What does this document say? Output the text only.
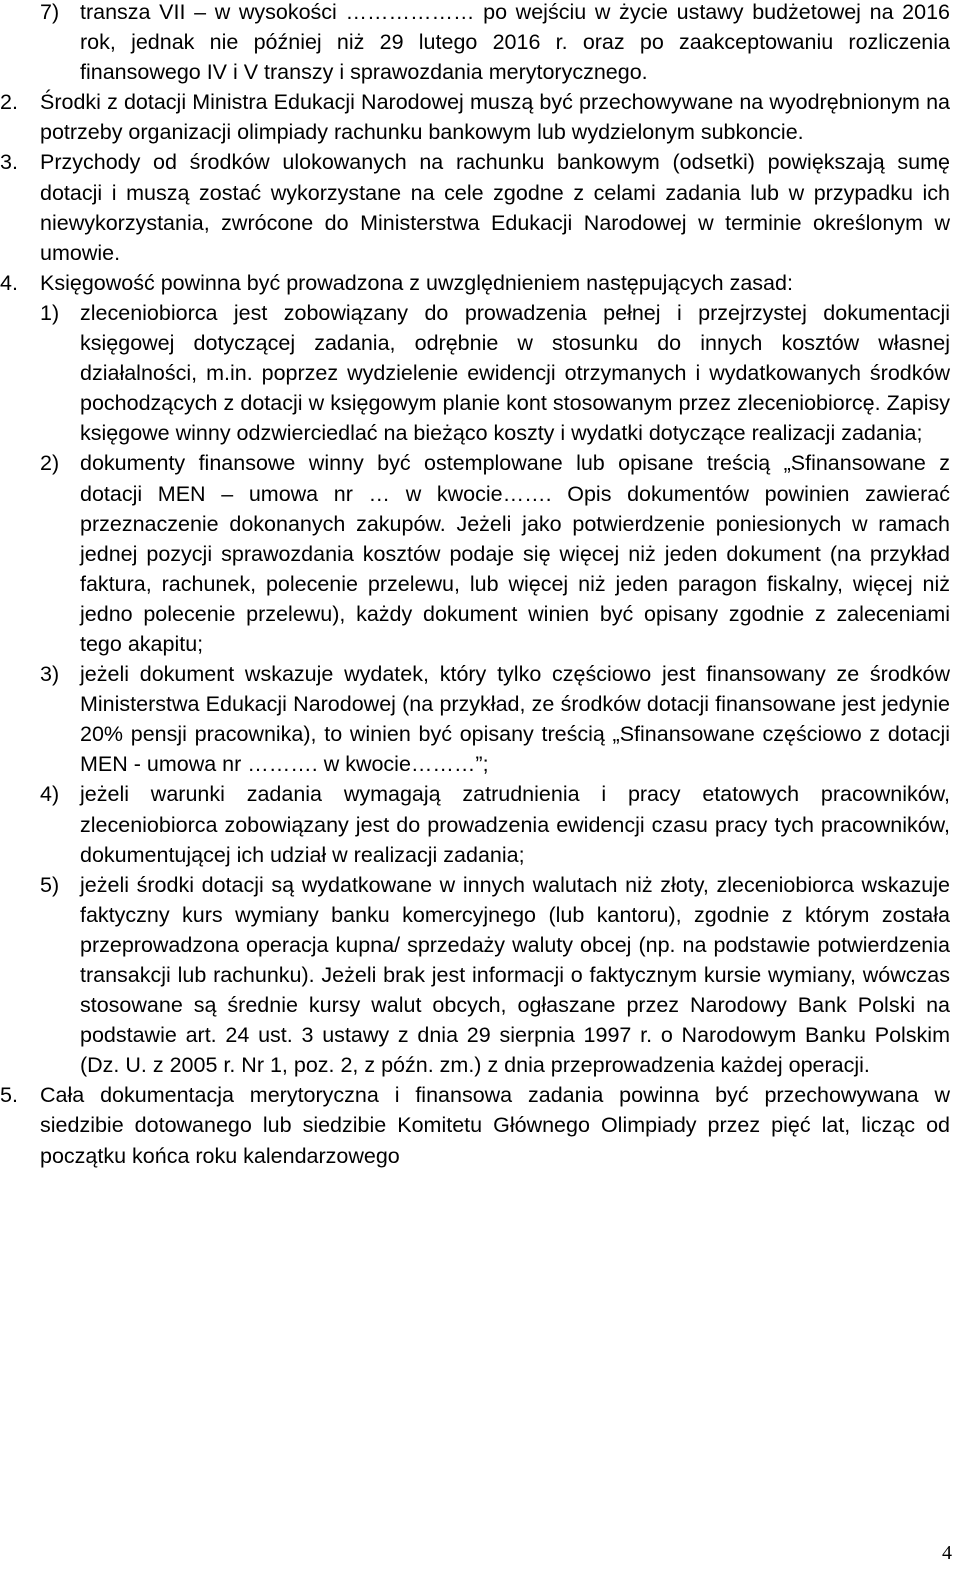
7) transza VII – w wysokości ……………… po wejściu w życie ustawy budżetowej na 2016 rok, jednak nie później niż 29 lutego 2016 r. oraz po zaakceptowaniu rozliczenia finansowego IV i V transzy i sprawozdania merytorycznego.
2.	Środki z dotacji Ministra Edukacji Narodowej muszą być przechowywane na wyodrębnionym na potrzeby organizacji olimpiady rachunku bankowym lub wydzielonym subkoncie.
3.	Przychody od środków ulokowanych na rachunku bankowym (odsetki) powiększają sumę dotacji i muszą zostać wykorzystane na cele zgodne z celami zadania lub w przypadku ich niewykorzystania, zwrócone do Ministerstwa Edukacji Narodowej w terminie określonym w umowie.
4.	Księgowość powinna być prowadzona z uwzględnieniem następujących zasad:
1) zleceniobiorca jest zobowiązany do prowadzenia pełnej i przejrzystej dokumentacji księgowej dotyczącej zadania, odrębnie w stosunku do innych kosztów własnej działalności, m.in. poprzez wydzielenie ewidencji otrzymanych i wydatkowanych środków pochodzących z dotacji w księgowym planie kont stosowanym przez zleceniobiorcę. Zapisy księgowe winny odzwierciedlać na bieżąco koszty i wydatki dotyczące realizacji zadania;
2) dokumenty finansowe winny być ostemplowane lub opisane treścią „Sfinansowane z dotacji MEN – umowa nr … w kwocie……. Opis dokumentów powinien zawierać przeznaczenie dokonanych zakupów. Jeżeli jako potwierdzenie poniesionych w ramach jednej pozycji sprawozdania kosztów podaje się więcej niż jeden dokument (na przykład faktura, rachunek, polecenie przelewu, lub więcej niż jeden paragon fiskalny, więcej niż jedno polecenie przelewu), każdy dokument winien być opisany zgodnie z zaleceniami tego akapitu;
3) jeżeli dokument wskazuje wydatek, który tylko częściowo jest finansowany ze środków Ministerstwa Edukacji Narodowej (na przykład, ze środków dotacji finansowane jest jedynie 20% pensji pracownika), to winien być opisany treścią „Sfinansowane częściowo z dotacji MEN - umowa nr ………. w kwocie………”;
4) jeżeli warunki zadania wymagają zatrudnienia i pracy etatowych pracowników, zleceniobiorca zobowiązany jest do prowadzenia ewidencji czasu pracy tych pracowników, dokumentującej ich udział w realizacji zadania;
5) jeżeli środki dotacji są wydatkowane w innych walutach niż złoty, zleceniobiorca wskazuje faktyczny kurs wymiany banku komercyjnego (lub kantoru), zgodnie z którym została przeprowadzona operacja kupna/ sprzedaży waluty obcej (np. na podstawie potwierdzenia transakcji lub rachunku). Jeżeli brak jest informacji o faktycznym kursie wymiany, wówczas stosowane są średnie kursy walut obcych, ogłaszane przez Narodowy Bank Polski na podstawie art. 24 ust. 3 ustawy z dnia 29 sierpnia 1997 r. o Narodowym Banku Polskim (Dz. U. z 2005 r. Nr 1, poz. 2, z późn. zm.) z dnia przeprowadzenia każdej operacji.
5.	Cała dokumentacja merytoryczna i finansowa zadania powinna być przechowywana w siedzibie dotowanego lub siedzibie Komitetu Głównego Olimpiady przez pięć lat, licząc od początku końca roku kalendarzowego
4
